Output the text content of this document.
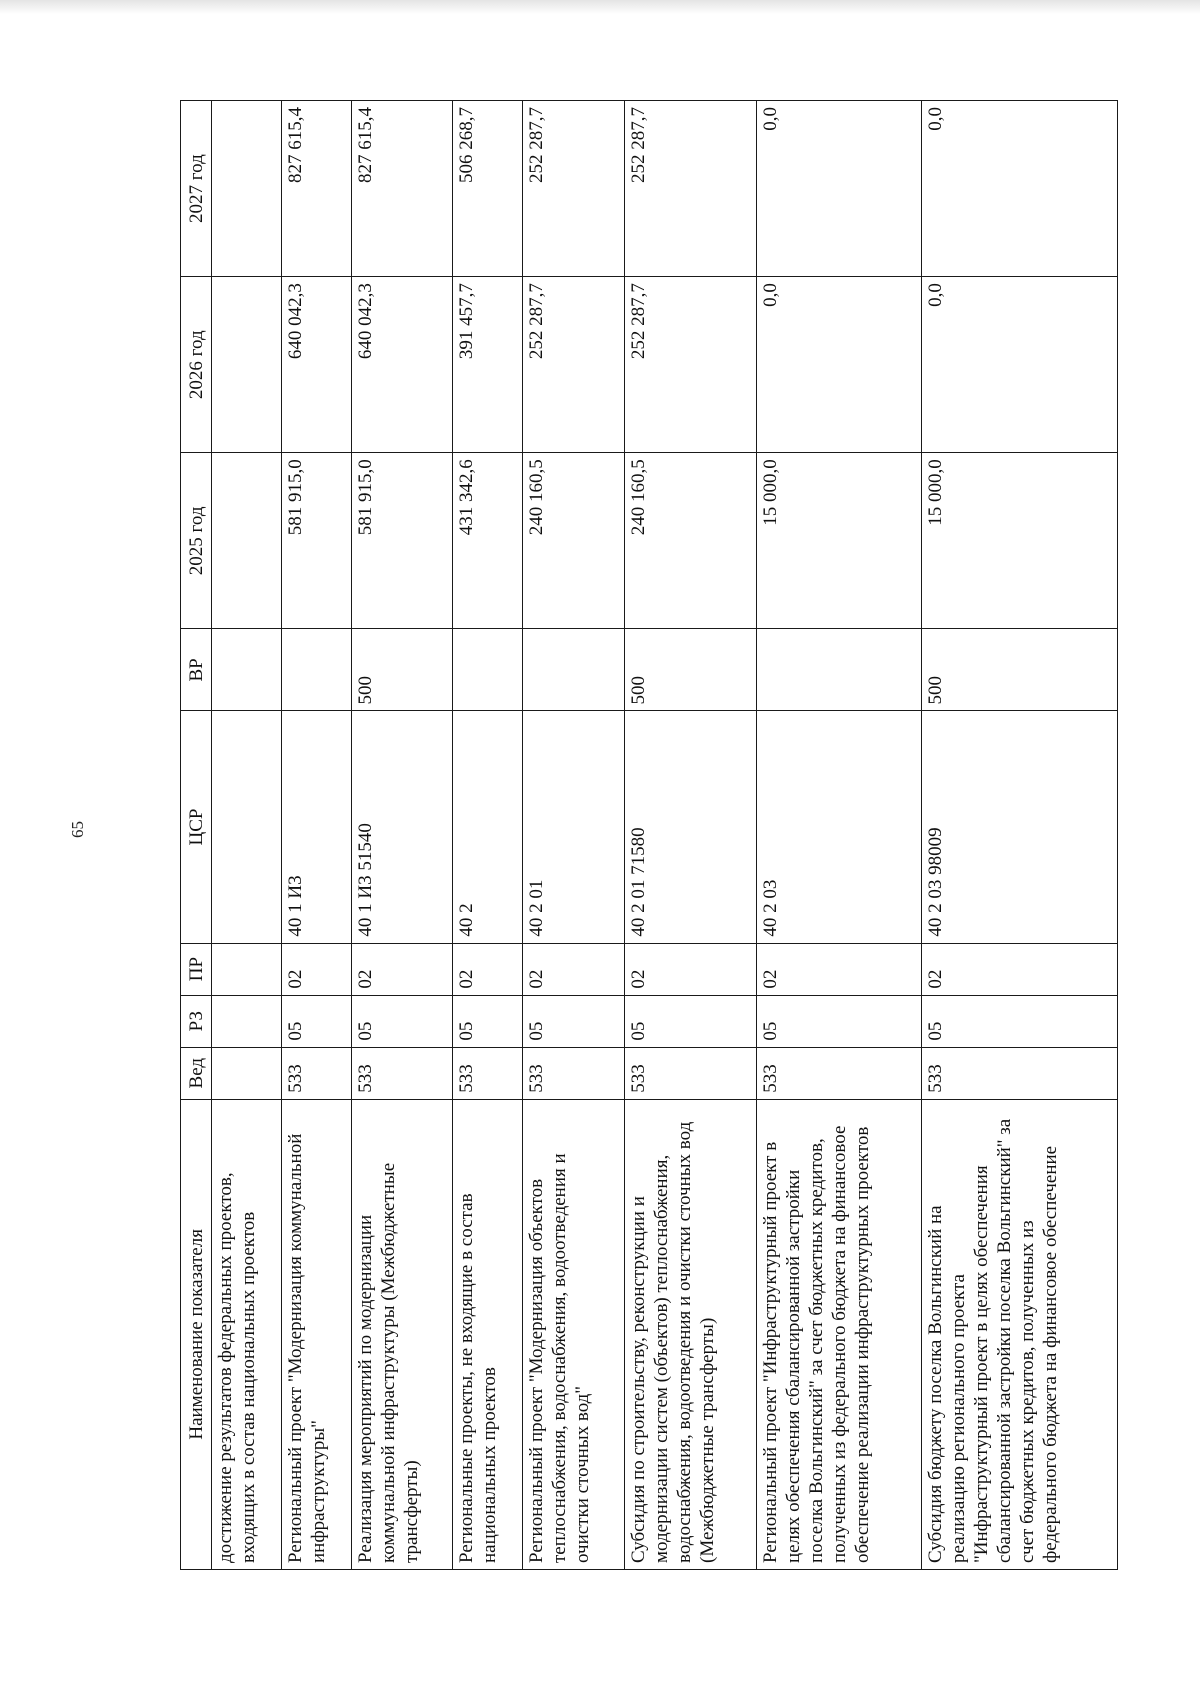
65
Наименование показателя	Вед	РЗ	ПР	ЦСР	ВР	2025 год	2026 год	2027 год
достижение результатов федеральных проектов, входящих в состав национальных проектов								
Региональный проект "Модернизация коммунальной инфраструктуры"	533	05	02	40 1 И3		581 915,0	640 042,3	827 615,4
Реализация мероприятий по модернизации коммунальной инфраструктуры (Межбюджетные трансферты)	533	05	02	40 1 И3 51540	500	581 915,0	640 042,3	827 615,4
Региональные проекты, не входящие в состав национальных проектов	533	05	02	40 2		431 342,6	391 457,7	506 268,7
Региональный проект "Модернизация объектов теплоснабжения, водоснабжения, водоотведения и очистки сточных вод"	533	05	02	40 2 01		240 160,5	252 287,7	252 287,7
Субсидия по строительству, реконструкции и модернизации систем (объектов) теплоснабжения, водоснабжения, водоотведения и очистки сточных вод (Межбюджетные трансферты)	533	05	02	40 2 01 71580	500	240 160,5	252 287,7	252 287,7
Региональный проект "Инфраструктурный проект в целях обеспечения сбалансированной застройки поселка Вольгинский" за счет бюджетных кредитов, полученных из федерального бюджета на финансовое обеспечение реализации инфраструктурных проектов	533	05	02	40 2 03		15 000,0	0,0	0,0
Субсидия бюджету поселка Вольгинский на реализацию регионального проекта "Инфраструктурный проект в целях обеспечения сбалансированной застройки поселка Вольгинский" за счет бюджетных кредитов, полученных из федерального бюджета на финансовое обеспечение	533	05	02	40 2 03 98009	500	15 000,0	0,0	0,0
